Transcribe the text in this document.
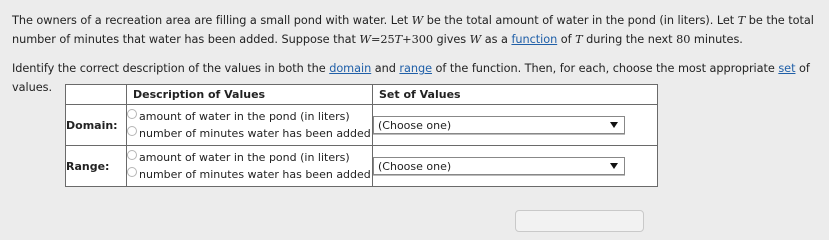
The owners of a recreation area are filling a small pond with water. Let W be the total amount of water in the pond (in liters). Let T be the total number of minutes that water has been added. Suppose that W=25T+300 gives W as a function of T during the next 80 minutes.

Identify the correct description of the values in both the domain and range of the function. Then, for each, choose the most appropriate set of values.

	Description of Values	Set of Values
Domain:	amount of water in the pond (in liters)
number of minutes water has been added	(Choose one)

Range:	amount of water in the pond (in liters)
number of minutes water has been added	(Choose one)
